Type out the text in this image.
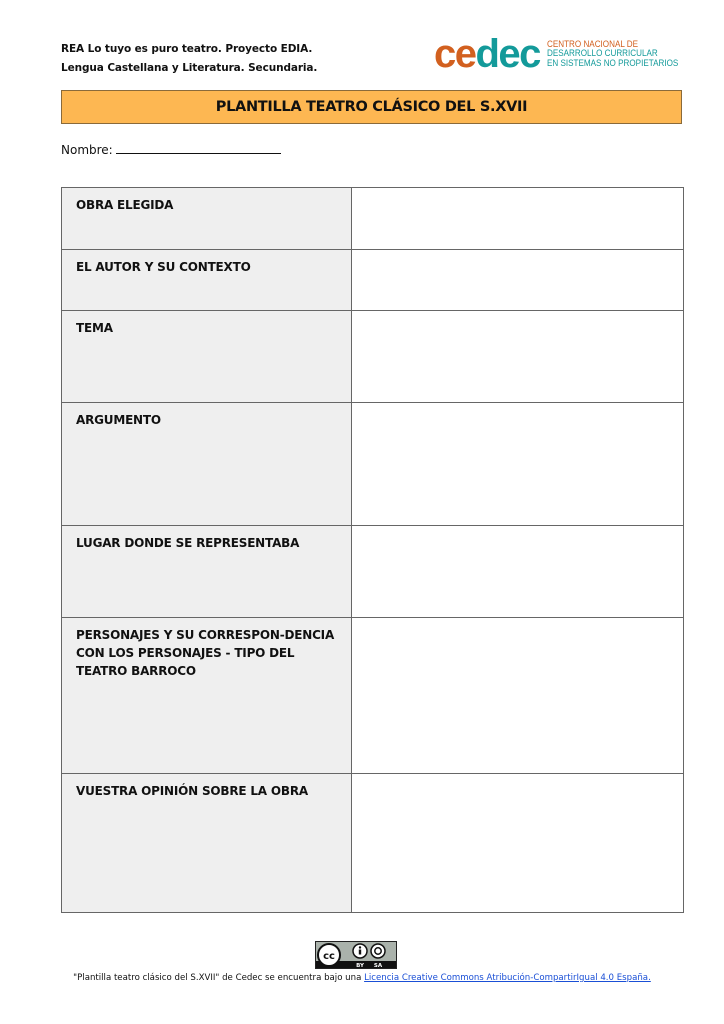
REA Lo tuyo es puro teatro. Proyecto EDIA.
Lengua Castellana y Literatura. Secundaria.	cedec CENTRO NACIONAL DE
DESARROLLO CURRICULAR
EN SISTEMAS NO PROPIETARIOS
PLANTILLA TEATRO CLÁSICO DEL S.XVII
Nombre:
OBRA ELEGIDA	
EL AUTOR Y SU CONTEXTO	
TEMA	
ARGUMENTO	
LUGAR DONDE SE REPRESENTABA	
PERSONAJES Y SU CORRESPON-DENCIA CON LOS PERSONAJES - TIPO DEL TEATRO BARROCO	
VUESTRA OPINIÓN SOBRE LA OBRA	
cc
BY SA
"Plantilla teatro clásico del S.XVII" de Cedec se encuentra bajo una Licencia Creative Commons Atribución-CompartirIgual 4.0 España.
